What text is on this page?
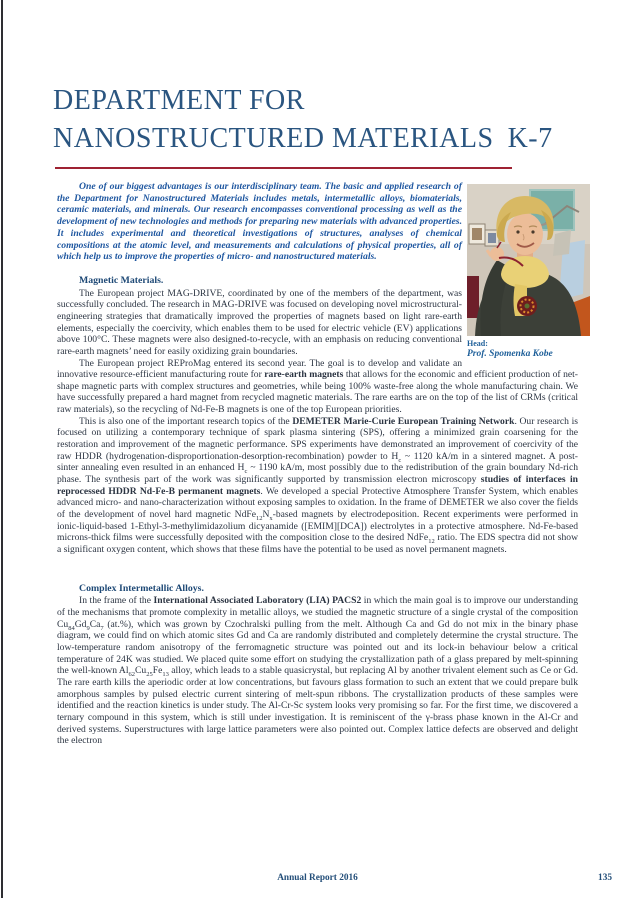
DEPARTMENT FOR
NANOSTRUCTURED MATERIALS K-7
Head:
Prof. Spomenka Kobe

One of our biggest advantages is our interdisciplinary team. The basic and applied research of the Department for Nanostructured Materials includes metals, intermetallic alloys, biomaterials, ceramic materials, and minerals. Our research encompasses conventional processing as well as the development of new technologies and methods for preparing new materials with advanced properties. It includes experimental and theoretical investigations of structures, analyses of chemical compositions at the atomic level, and measurements and calculations of physical properties, all of which help us to improve the properties of micro- and nanostructured materials.

Magnetic Materials.

The European project MAG-DRIVE, coordinated by one of the members of the department, was successfully concluded. The research in MAG-DRIVE was focused on developing novel microstructural-engineering strategies that dramatically improved the properties of magnets based on light rare-earth elements, especially the coercivity, which enables them to be used for electric vehicle (EV) applications above 100°C. These magnets were also designed-to-recycle, with an emphasis on reducing conventional rare-earth magnets’ need for easily oxidizing grain boundaries.

The European project REProMag entered its second year. The goal is to develop and validate an innovative resource-efficient manufacturing route for rare-earth magnets that allows for the economic and efficient production of net-shape magnetic parts with complex structures and geometries, while being 100% waste-free along the whole manufacturing chain. We have successfully prepared a hard magnet from recycled magnetic materials. The rare earths are on the top of the list of CRMs (critical raw materials), so the recycling of Nd-Fe-B magnets is one of the top European priorities.

This is also one of the important research topics of the DEMETER Marie-Curie European Training Network. Our research is focused on utilizing a contemporary technique of spark plasma sintering (SPS), offering a minimized grain coarsening for the restoration and improvement of the magnetic performance. SPS experiments have demonstrated an improvement of coercivity of the raw HDDR (hydrogenation-disproportionation-desorption-recombination) powder to $H_c$ ~ 1120 kA/m in a sintered magnet. A post-sinter annealing even resulted in an enhanced $H_c$ ~ 1190 kA/m, most possibly due to the redistribution of the grain boundary Nd-rich phase. The synthesis part of the work was significantly supported by transmission electron microscopy studies of interfaces in reprocessed HDDR Nd-Fe-B permanent magnets. We developed a special Protective Atmosphere Transfer System, which enables advanced micro- and nano-characterization without exposing samples to oxidation. In the frame of DEMETER we also cover the fields of the development of novel hard magnetic $NdFe_{12}N_x$-based magnets by electrodeposition. Recent experiments were performed in ionic-liquid-based 1-Ethyl-3-methylimidazolium dicyanamide ([EMIM][DCA]) electrolytes in a protective atmosphere. Nd-Fe-based microns-thick films were successfully deposited with the composition close to the desired NdFe$_{12}$ ratio. The EDS spectra did not show a significant oxygen content, which shows that these films have the potential to be used as novel permanent magnets.

Complex Intermetallic Alloys.

In the frame of the International Associated Laboratory (LIA) PACS2 in which the main goal is to improve our understanding of the mechanisms that promote complexity in metallic alloys, we studied the magnetic structure of a single crystal of the composition $Cu_{84}Gd_9Ca_7$ (at.%), which was grown by Czochralski pulling from the melt. Although Ca and Gd do not mix in the binary phase diagram, we could find on which atomic sites Gd and Ca are randomly distributed and completely determine the crystal structure. The low-temperature random anisotropy of the ferromagnetic structure was pointed out and its lock-in behaviour below a critical temperature of 24K was studied. We placed quite some effort on studying the crystallization path of a glass prepared by melt-spinning the well-known $Al_{62}Cu_{25}Fe_{13}$ alloy, which leads to a stable quasicrystal, but replacing Al by another trivalent element such as Ce or Gd. The rare earth kills the aperiodic order at low concentrations, but favours glass formation to such an extent that we could prepare bulk amorphous samples by pulsed electric current sintering of melt-spun ribbons. The crystallization products of these samples were identified and the reaction kinetics is under study. The Al-Cr-Sc system looks very promising so far. For the first time, we discovered a ternary compound in this system, which is still under investigation. It is reminiscent of the γ-brass phase known in the Al-Cr and derived systems. Superstructures with large lattice parameters were also pointed out. Complex lattice defects are observed and delight the electron

Annual Report 2016	135
